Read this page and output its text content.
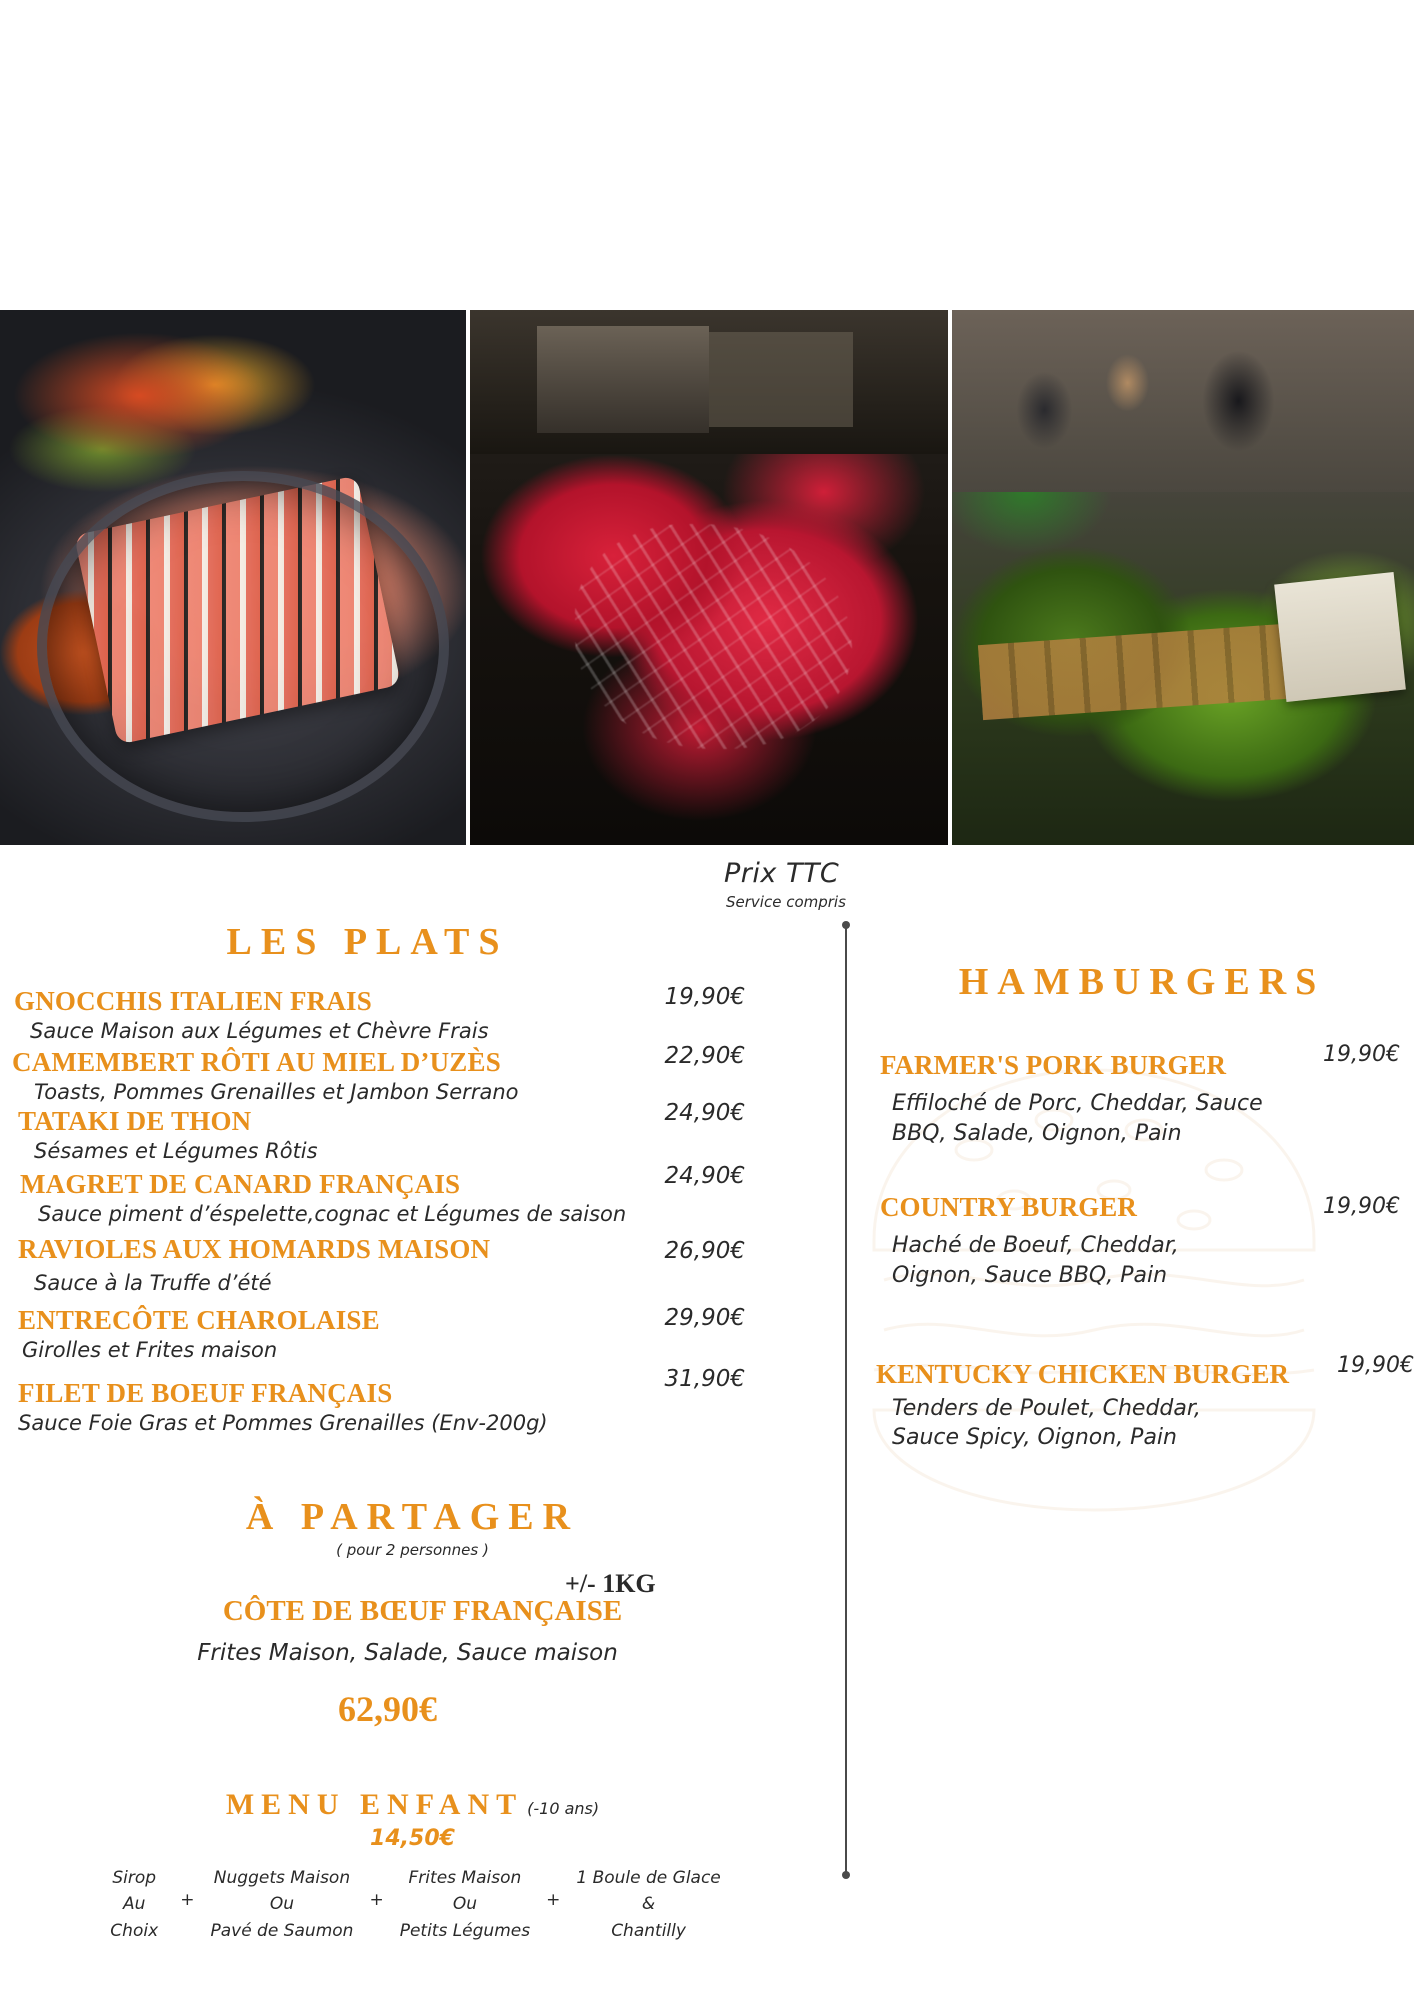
Prix TTC
Service compris
LES PLATS
GNOCCHIS ITALIEN FRAIS
Sauce Maison aux Légumes et Chèvre Frais
19,90€
CAMEMBERT RÔTI AU MIEL D’UZÈS
Toasts, Pommes Grenailles et Jambon Serrano
22,90€
TATAKI DE THON
Sésames et Légumes Rôtis
24,90€
MAGRET DE CANARD FRANÇAIS
Sauce piment d’éspelette,cognac et Légumes de saison
24,90€
RAVIOLES AUX HOMARDS MAISON
Sauce à la Truffe d’été
26,90€
ENTRECÔTE CHAROLAISE
Girolles et Frites maison
29,90€
FILET DE BOEUF FRANÇAIS
Sauce Foie Gras et Pommes Grenailles (Env-200g)
31,90€
À PARTAGER
( pour 2 personnes )
CÔTE DE BŒUF FRANÇAISE
+/- 1KG
Frites Maison, Salade, Sauce maison
62,90€
MENU ENFANT (-10 ans)
14,50€
Sirop
Au
Choix
+
Nuggets Maison
Ou
Pavé de Saumon
+
Frites Maison
Ou
Petits Légumes
+
1 Boule de Glace
&
Chantilly
HAMBURGERS
FARMER'S PORK BURGER	19,90€
Effiloché de Porc, Cheddar, Sauce BBQ, Salade, Oignon, Pain
COUNTRY BURGER	19,90€
Haché de Boeuf, Cheddar, Oignon, Sauce BBQ, Pain
KENTUCKY CHICKEN BURGER 19,90€
Tenders de Poulet, Cheddar, Sauce Spicy, Oignon, Pain
